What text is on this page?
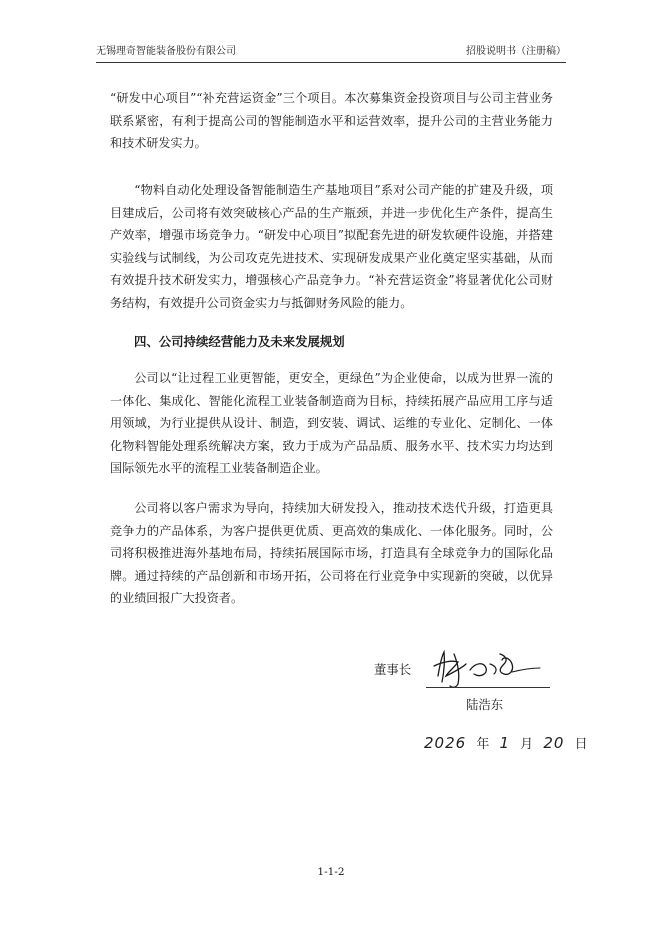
无锡理奇智能装备股份有限公司	招股说明书（注册稿）
“研发中心项目”“补充营运资金”三个项目。本次募集资金投资项目与公司主营业务联系紧密，有利于提高公司的智能制造水平和运营效率，提升公司的主营业务能力和技术研发实力。
“物料自动化处理设备智能制造生产基地项目”系对公司产能的扩建及升级，项目建成后，公司将有效突破核心产品的生产瓶颈，并进一步优化生产条件，提高生产效率，增强市场竞争力。“研发中心项目”拟配套先进的研发软硬件设施，并搭建实验线与试制线，为公司攻克先进技术、实现研发成果产业化奠定坚实基础，从而有效提升技术研发实力，增强核心产品竞争力。“补充营运资金”将显著优化公司财务结构，有效提升公司资金实力与抵御财务风险的能力。
四、公司持续经营能力及未来发展规划
公司以“让过程工业更智能，更安全，更绿色”为企业使命，以成为世界一流的一体化、集成化、智能化流程工业装备制造商为目标，持续拓展产品应用工序与适用领域，为行业提供从设计、制造，到安装、调试、运维的专业化、定制化、一体化物料智能处理系统解决方案，致力于成为产品品质、服务水平、技术实力均达到国际领先水平的流程工业装备制造企业。
公司将以客户需求为导向，持续加大研发投入，推动技术迭代升级，打造更具竞争力的产品体系，为客户提供更优质、更高效的集成化、一体化服务。同时，公司将积极推进海外基地布局，持续拓展国际市场，打造具有全球竞争力的国际化品牌。通过持续的产品创新和市场开拓，公司将在行业竞争中实现新的突破，以优异的业绩回报广大投资者。
董事长
陆浩东
2026 年 1 月 20 日
1-1-2
